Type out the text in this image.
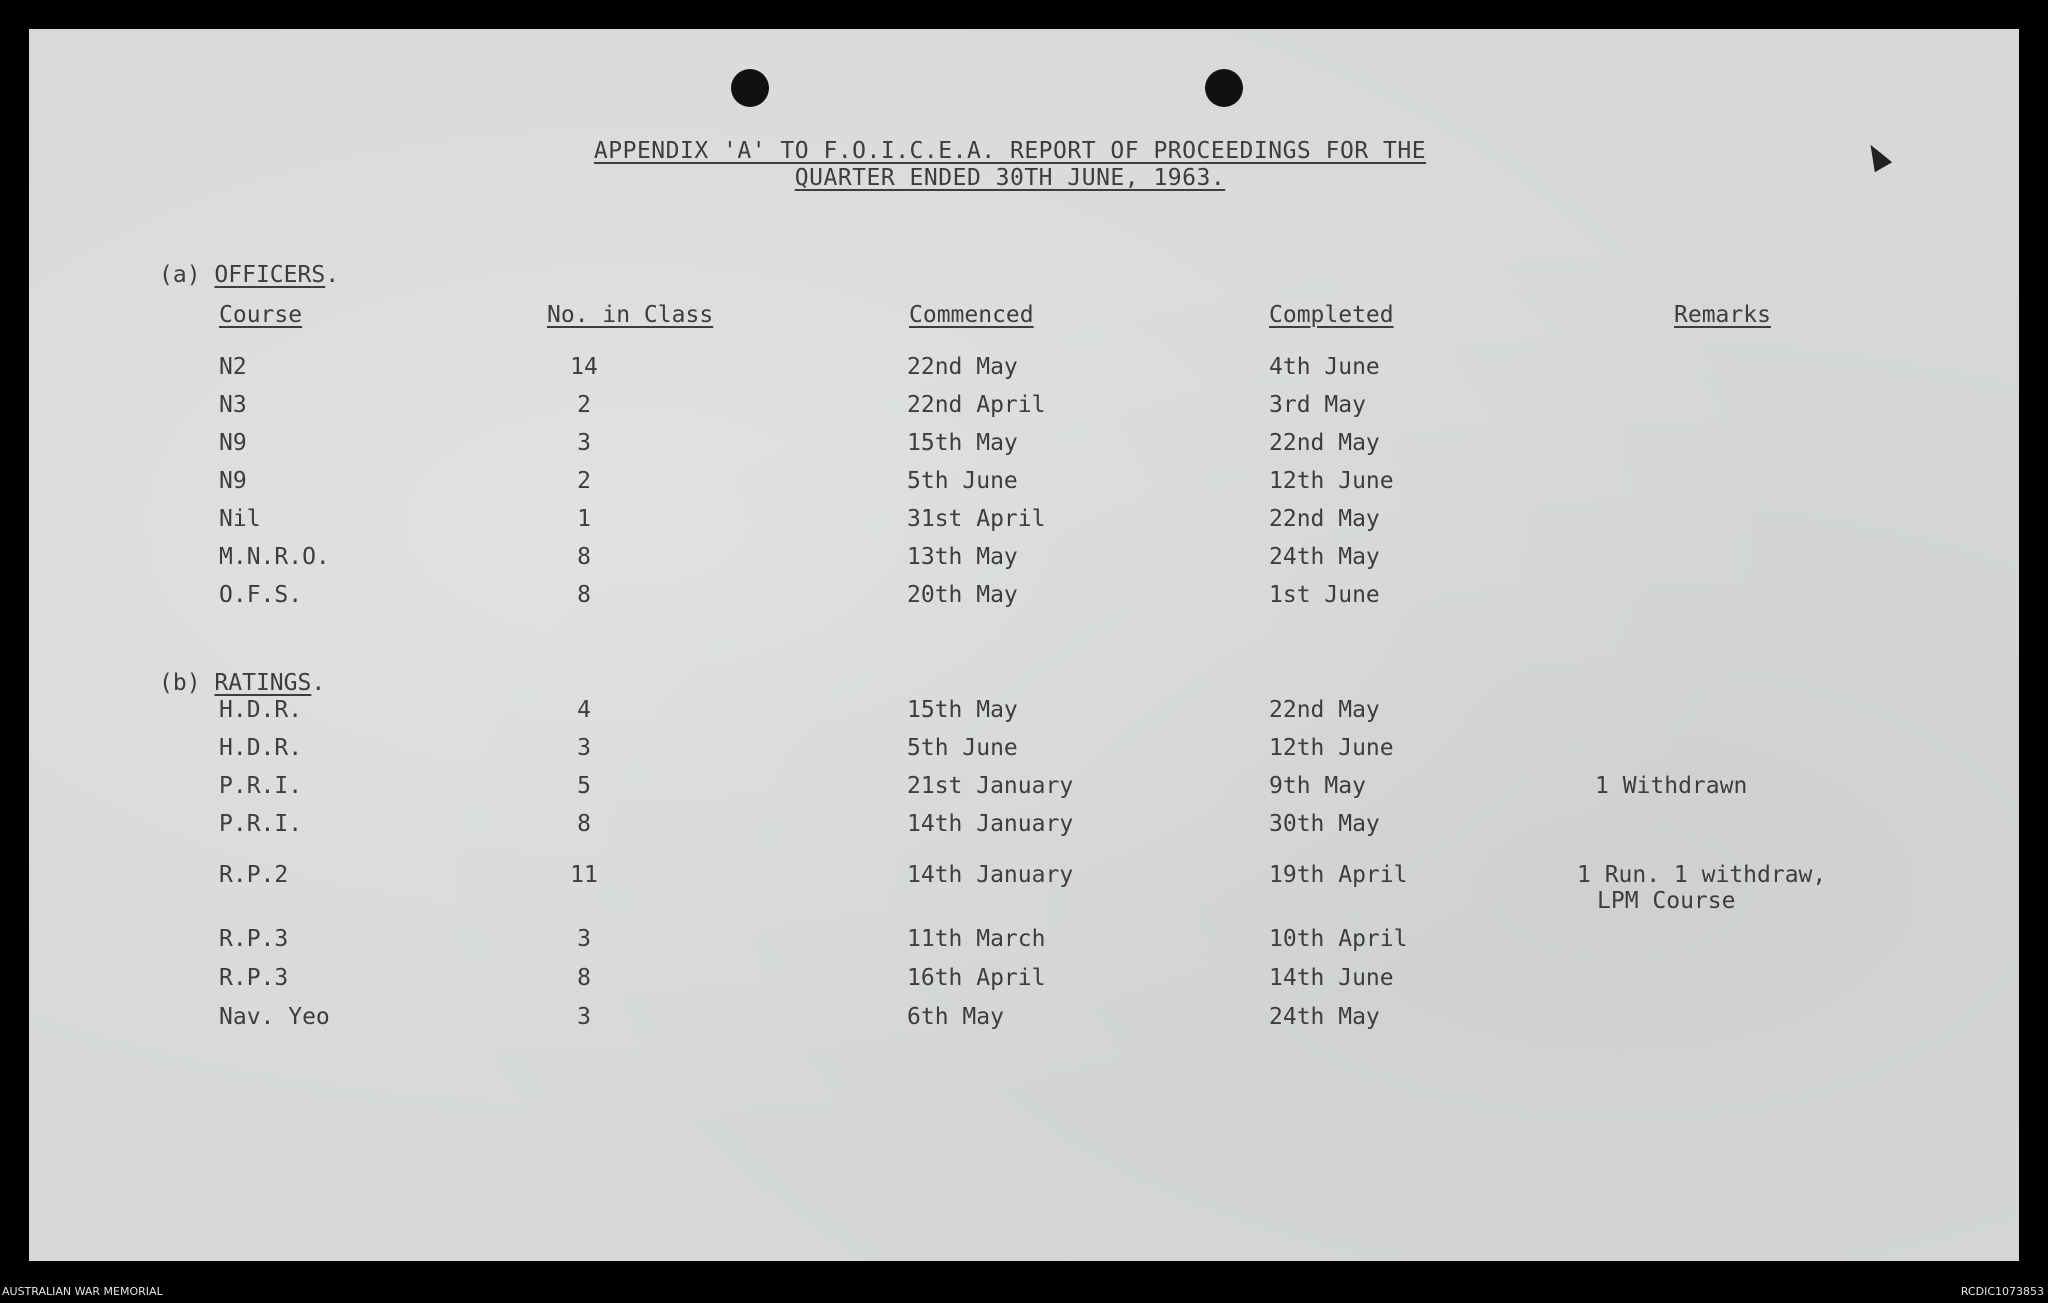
APPENDIX 'A' TO F.O.I.C.E.A. REPORT OF PROCEEDINGS FOR THE
QUARTER ENDED 30TH JUNE, 1963.
(a) OFFICERS.
Course	No. in Class	Commenced	Completed	Remarks
N2	14	22nd May	4th June
N3	2	22nd April	3rd May
N9	3	15th May	22nd May
N9	2	5th June	12th June
Nil	1	31st April	22nd May
M.N.R.O.	8	13th May	24th May
O.F.S.	8	20th May	1st June
(b) RATINGS.
H.D.R.	4	15th May	22nd May
H.D.R.	3	5th June	12th June
P.R.I.	5	21st January	9th May	1 Withdrawn
P.R.I.	8	14th January	30th May
R.P.2	11	14th January	19th April	1 Run. 1 withdraw,
LPM Course
R.P.3	3	11th March	10th April
R.P.3	8	16th April	14th June
Nav. Yeo	3	6th May	24th May
AUSTRALIAN WAR MEMORIAL	RCDIC1073853
